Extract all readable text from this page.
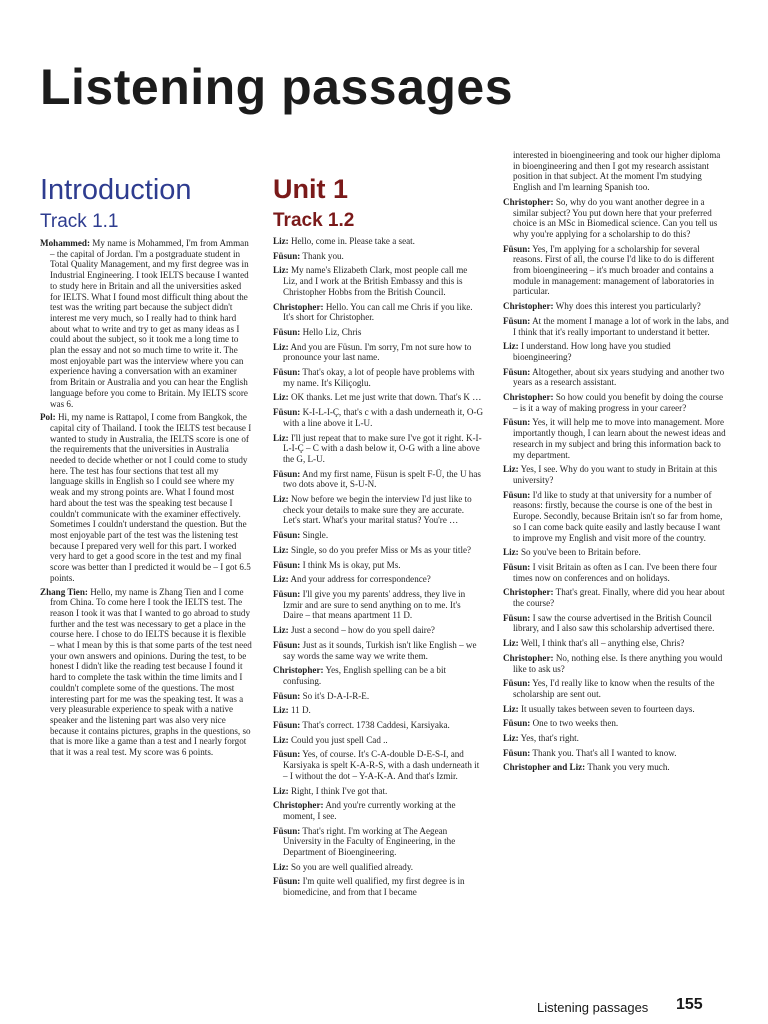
Listening passages
Introduction
Track 1.1

Mohammed: My name is Mohammed, I'm from Amman – the capital of Jordan. I'm a postgraduate student in Total Quality Management, and my first degree was in Industrial Engineering. I took IELTS because I wanted to study here in Britain and all the universities asked for IELTS. What I found most difficult thing about the test was the writing part because the subject didn't interest me very much, so I really had to think hard about what to write and try to get as many ideas as I could about the subject, so it took me a long time to plan the essay and not so much time to write it. The most enjoyable part was the interview where you can experience having a conversation with an examiner from Britain or Australia and you can hear the English language before you come to Britain. My IELTS score was 6.

Pol: Hi, my name is Rattapol, I come from Bangkok, the capital city of Thailand. I took the IELTS test because I wanted to study in Australia, the IELTS score is one of the requirements that the universities in Australia needed to decide whether or not I could come to study here. The test has four sections that test all my language skills in English so I could see where my weak and my strong points are. What I found most hard about the test was the speaking test because I couldn't communicate with the examiner effectively. Sometimes I couldn't understand the question. But the most enjoyable part of the test was the listening test because I prepared very well for this part. I worked very hard to get a good score in the test and my final score was better than I predicted it would be – I got 6.5 points.

Zhang Tien: Hello, my name is Zhang Tien and I come from China. To come here I took the IELTS test. The reason I took it was that I wanted to go abroad to study further and the test was necessary to get a place in the course here. I chose to do IELTS because it is flexible – what I mean by this is that some parts of the test need your own answers and opinions. During the test, to be honest I didn't like the reading test because I found it hard to complete the task within the time limits and I couldn't complete some of the questions. The most interesting part for me was the speaking test. It was a very pleasurable experience to speak with a native speaker and the listening part was also very nice because it contains pictures, graphs in the questions, so that is more like a game than a test and I nearly forgot that it was a real test. My score was 6 points.

Unit 1
Track 1.2

Liz: Hello, come in. Please take a seat.

Füsun: Thank you.

Liz: My name's Elizabeth Clark, most people call me Liz, and I work at the British Embassy and this is Christopher Hobbs from the British Council.

Christopher: Hello. You can call me Chris if you like. It's short for Christopher.

Füsun: Hello Liz, Chris

Liz: And you are Füsun. I'm sorry, I'm not sure how to pronounce your last name.

Füsun: That's okay, a lot of people have problems with my name. It's Kiliçoglu.

Liz: OK thanks. Let me just write that down. That's K …

Füsun: K-I-L-I-Ç, that's c with a dash underneath it, O-G with a line above it L-U.

Liz: I'll just repeat that to make sure I've got it right. K-I-L-I-Ç – C with a dash below it, O-G with a line above the G, L-U.

Füsun: And my first name, Füsun is spelt F-Ü, the U has two dots above it, S-U-N.

Liz: Now before we begin the interview I'd just like to check your details to make sure they are accurate. Let's start. What's your marital status? You're …

Füsun: Single.

Liz: Single, so do you prefer Miss or Ms as your title?

Füsun: I think Ms is okay, put Ms.

Liz: And your address for correspondence?

Füsun: I'll give you my parents' address, they live in Izmir and are sure to send anything on to me. It's Daire – that means apartment 11 D.

Liz: Just a second – how do you spell daire?

Füsun: Just as it sounds, Turkish isn't like English – we say words the same way we write them.

Christopher: Yes, English spelling can be a bit confusing.

Füsun: So it's D-A-I-R-E.

Liz: 11 D.

Füsun: That's correct. 1738 Caddesi, Karsiyaka.

Liz: Could you just spell Cad ..

Füsun: Yes, of course. It's C-A-double D-E-S-I, and Karsiyaka is spelt K-A-R-S, with a dash underneath it – I without the dot – Y-A-K-A. And that's Izmir.

Liz: Right, I think I've got that.

Christopher: And you're currently working at the moment, I see.

Füsun: That's right. I'm working at The Aegean University in the Faculty of Engineering, in the Department of Bioengineering.

Liz: So you are well qualified already.

Füsun: I'm quite well qualified, my first degree is in biomedicine, and from that I became

interested in bioengineering and took our higher diploma in bioengineering and then I got my research assistant position in that subject. At the moment I'm studying English and I'm learning Spanish too.

Christopher: So, why do you want another degree in a similar subject? You put down here that your preferred choice is an MSc in Biomedical science. Can you tell us why you're applying for a scholarship to do this?

Füsun: Yes, I'm applying for a scholarship for several reasons. First of all, the course I'd like to do is different from bioengineering – it's much broader and contains a module in management: management of laboratories in particular.

Christopher: Why does this interest you particularly?

Füsun: At the moment I manage a lot of work in the labs, and I think that it's really important to understand it better.

Liz: I understand. How long have you studied bioengineering?

Füsun: Altogether, about six years studying and another two years as a research assistant.

Christopher: So how could you benefit by doing the course – is it a way of making progress in your career?

Füsun: Yes, it will help me to move into management. More importantly though, I can learn about the newest ideas and research in my subject and bring this information back to my department.

Liz: Yes, I see. Why do you want to study in Britain at this university?

Füsun: I'd like to study at that university for a number of reasons: firstly, because the course is one of the best in Europe. Secondly, because Britain isn't so far from home, so I can come back quite easily and lastly because I want to improve my English and visit more of the country.

Liz: So you've been to Britain before.

Füsun: I visit Britain as often as I can. I've been there four times now on conferences and on holidays.

Christopher: That's great. Finally, where did you hear about the course?

Füsun: I saw the course advertised in the British Council library, and I also saw this scholarship advertised there.

Liz: Well, I think that's all – anything else, Chris?

Christopher: No, nothing else. Is there anything you would like to ask us?

Füsun: Yes, I'd really like to know when the results of the scholarship are sent out.

Liz: It usually takes between seven to fourteen days.

Füsun: One to two weeks then.

Liz: Yes, that's right.

Füsun: Thank you. That's all I wanted to know.

Christopher and Liz: Thank you very much.

Listening passages 155
